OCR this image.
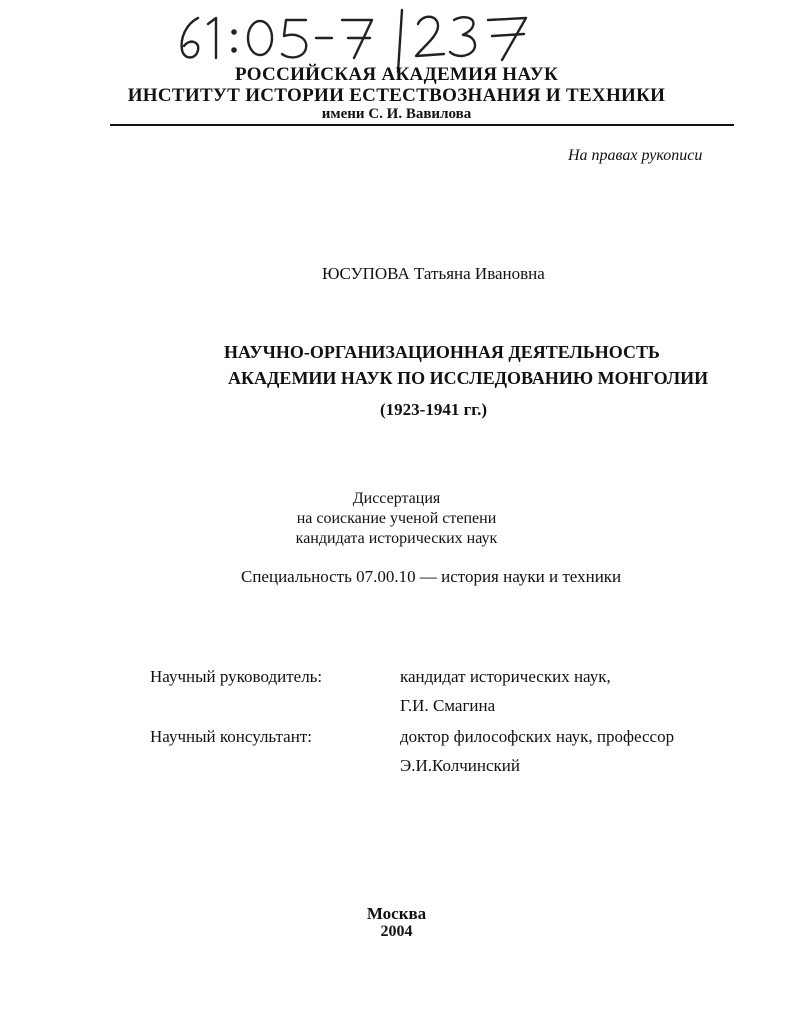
РОССИЙСКАЯ АКАДЕМИЯ НАУК
ИНСТИТУТ ИСТОРИИ ЕСТЕСТВОЗНАНИЯ И ТЕХНИКИ
имени С. И. Вавилова
На правах рукописи
ЮСУПОВА Татьяна Ивановна
НАУЧНО-ОРГАНИЗАЦИОННАЯ ДЕЯТЕЛЬНОСТЬ
АКАДЕМИИ НАУК ПО ИССЛЕДОВАНИЮ МОНГОЛИИ
(1923-1941 гг.)
Диссертация
на соискание ученой степени
кандидата исторических наук
Специальность 07.00.10 — история науки и техники
Научный руководитель:	кандидат исторических наук,
Г.И. Смагина
Научный консультант:	доктор философских наук, профессор
Э.И.Колчинский
Москва
2004
